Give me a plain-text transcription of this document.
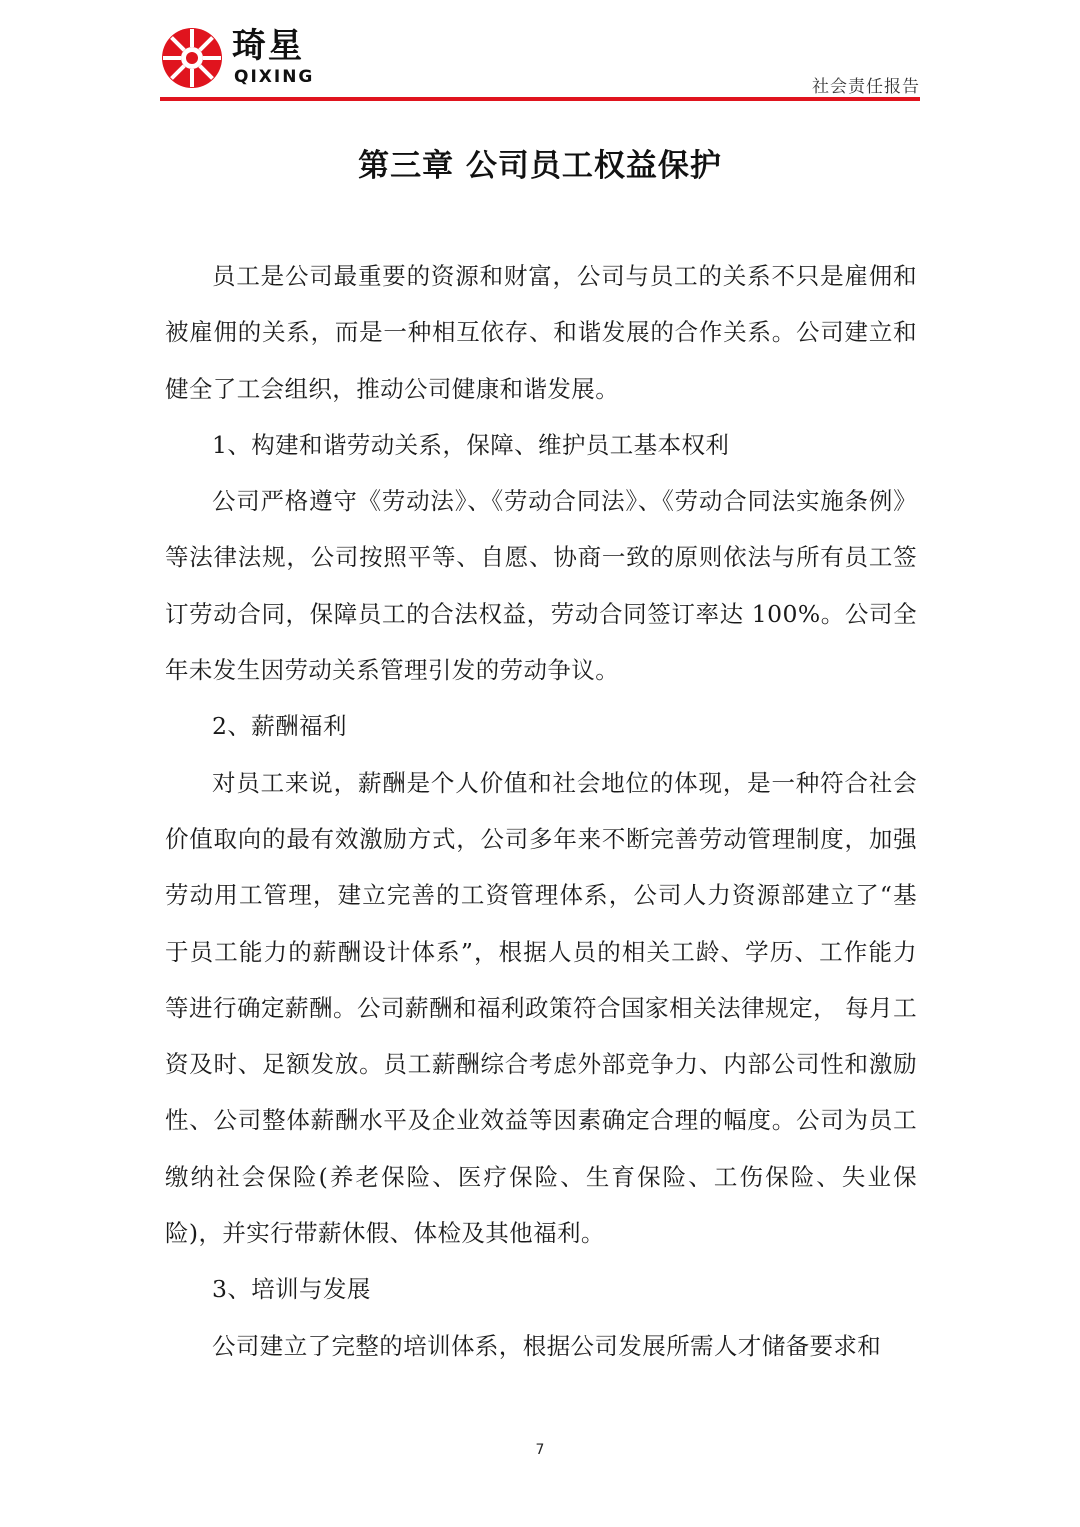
琦星
QIXING	社会责任报告
第三章 公司员工权益保护

员工是公司最重要的资源和财富，公司与员工的关系不只是雇佣和被雇佣的关系，而是一种相互依存、和谐发展的合作关系。公司建立和健全了工会组织，推动公司健康和谐发展。

1、构建和谐劳动关系，保障、维护员工基本权利

公司严格遵守《劳动法》、《劳动合同法》、《劳动合同法实施条例》等法律法规，公司按照平等、自愿、协商一致的原则依法与所有员工签订劳动合同，保障员工的合法权益，劳动合同签订率达 100%。公司全年未发生因劳动关系管理引发的劳动争议。

2、薪酬福利

对员工来说，薪酬是个人价值和社会地位的体现，是一种符合社会价值取向的最有效激励方式，公司多年来不断完善劳动管理制度，加强劳动用工管理，建立完善的工资管理体系，公司人力资源部建立了“基于员工能力的薪酬设计体系”，根据人员的相关工龄、学历、工作能力等进行确定薪酬。公司薪酬和福利政策符合国家相关法律规定， 每月工资及时、足额发放。员工薪酬综合考虑外部竞争力、内部公司性和激励性、公司整体薪酬水平及企业效益等因素确定合理的幅度。公司为员工缴纳社会保险(养老保险、医疗保险、生育保险、工伤保险、失业保险)，并实行带薪休假、体检及其他福利。

3、培训与发展

公司建立了完整的培训体系，根据公司发展所需人才储备要求和

7
